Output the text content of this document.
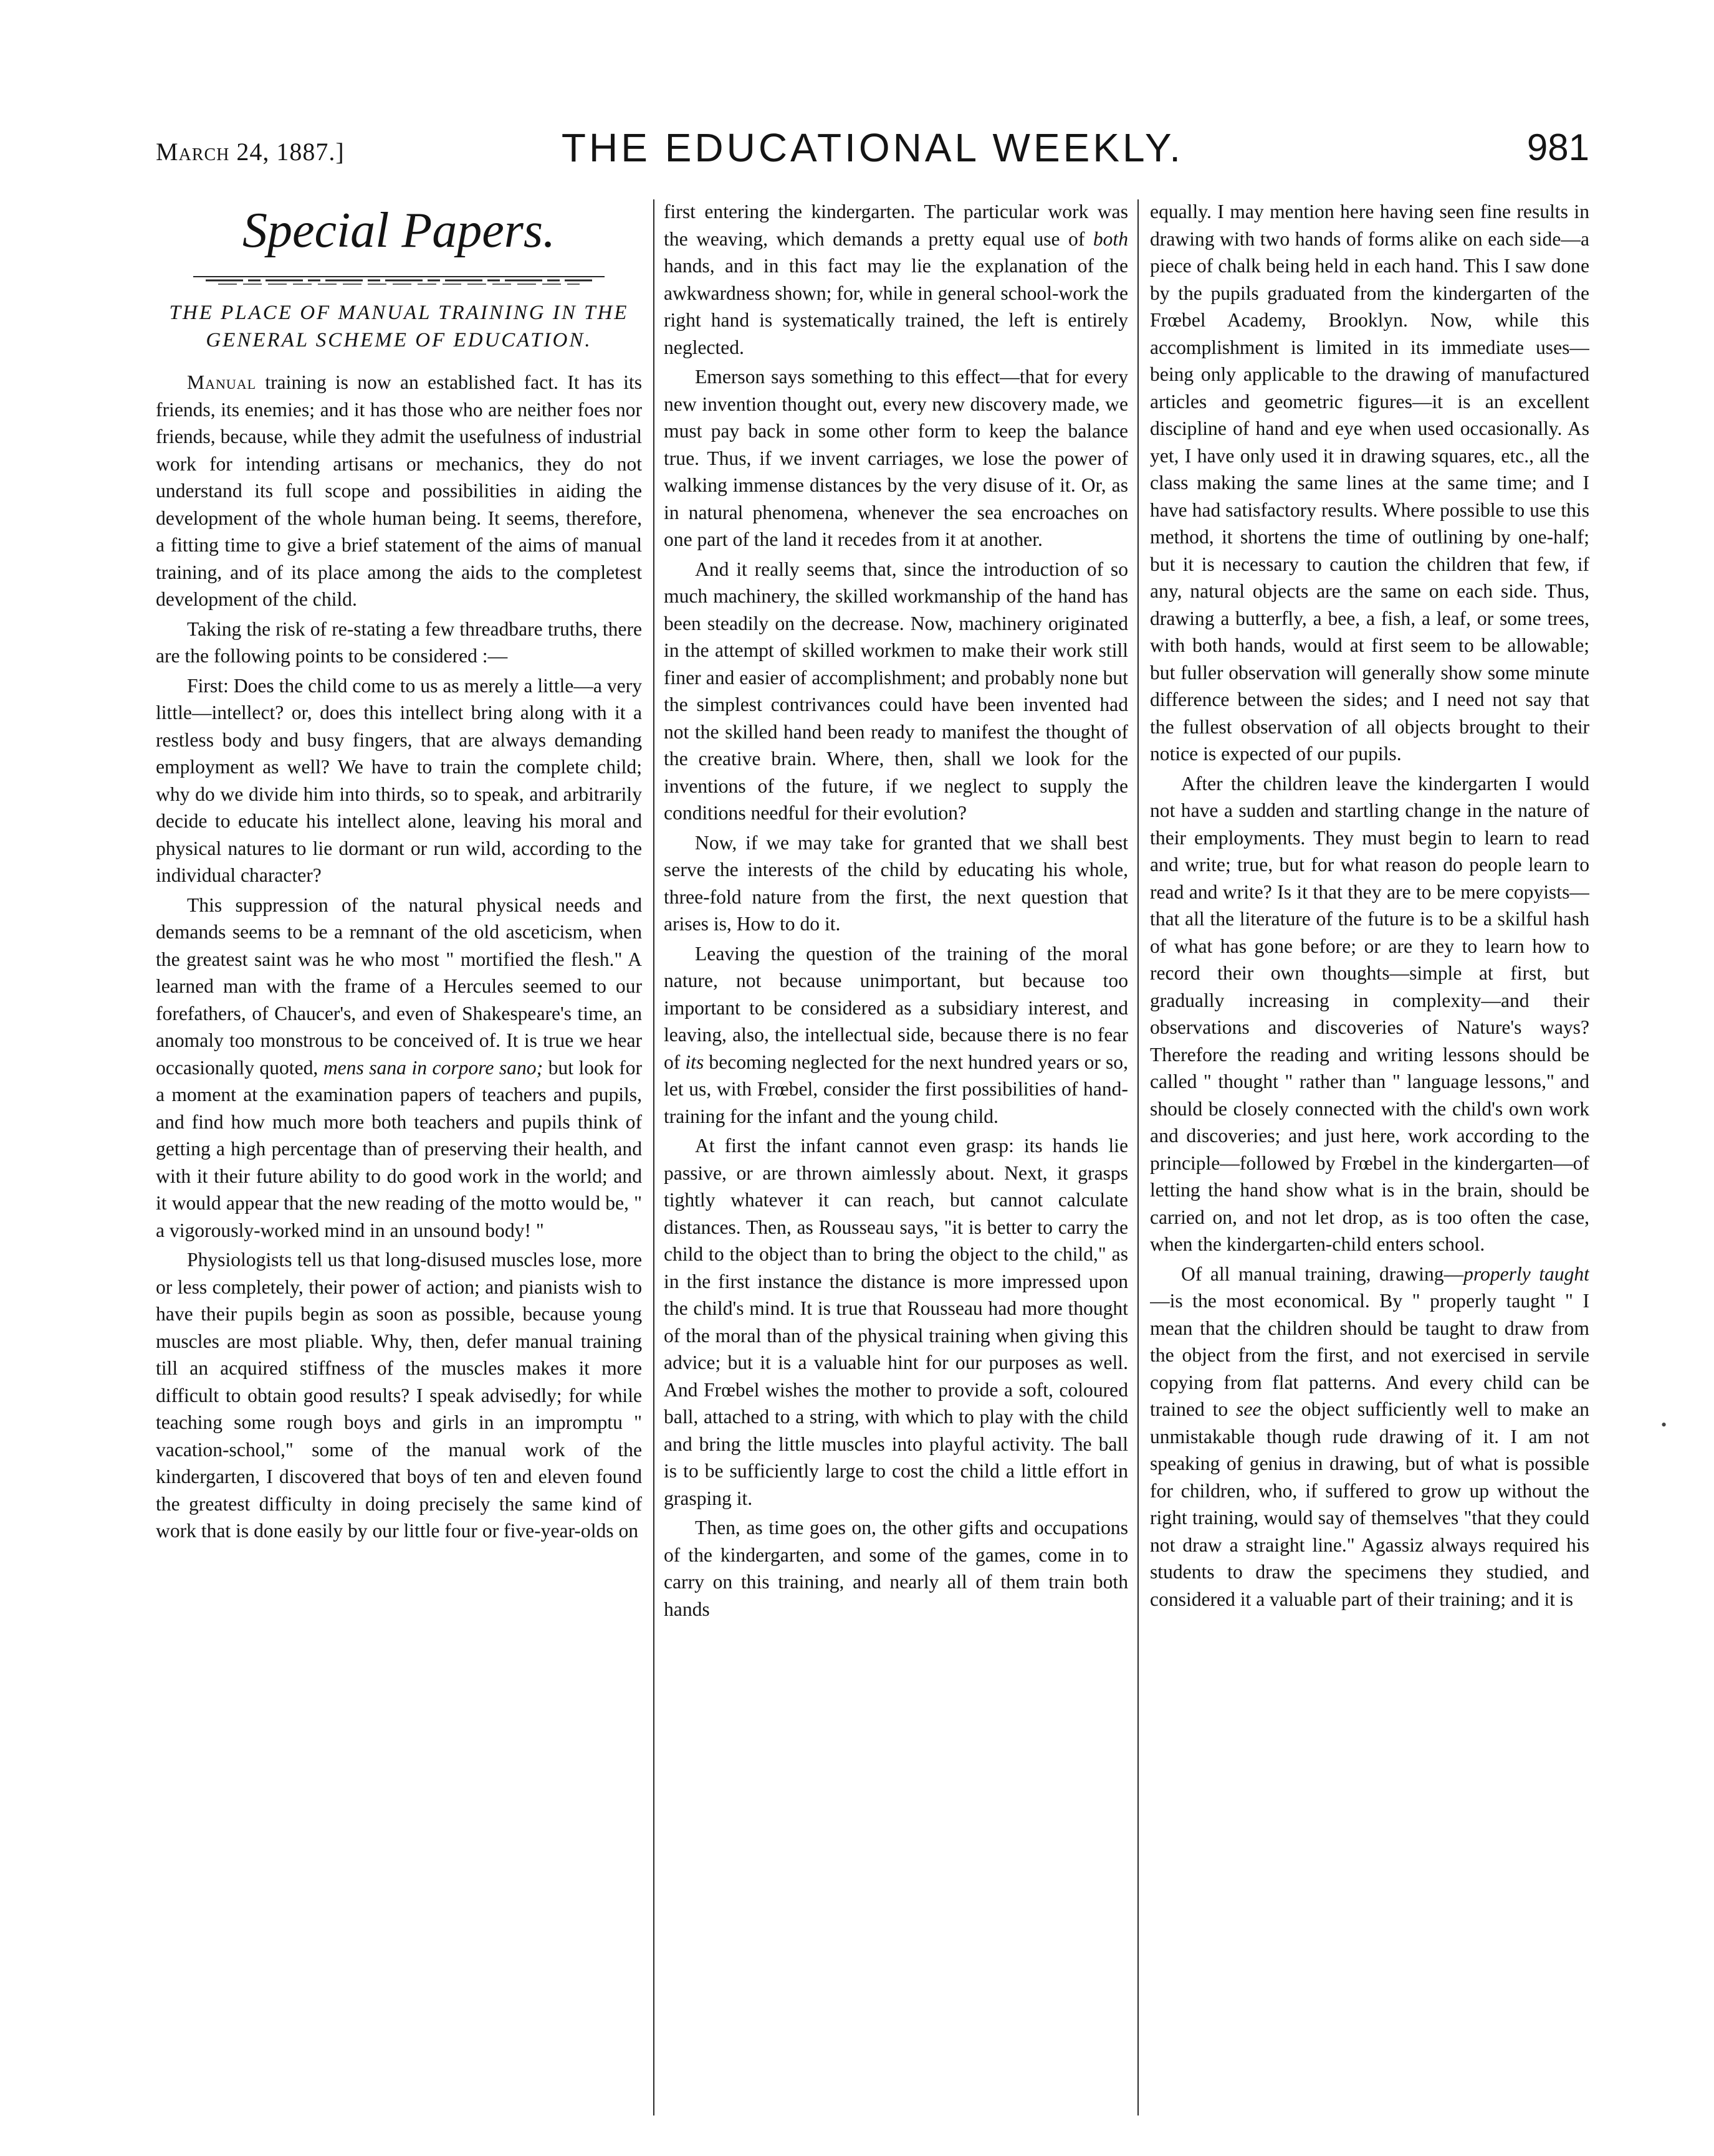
March 24, 1887.]	THE EDUCATIONAL WEEKLY.	981
Special Papers.
THE PLACE OF MANUAL TRAINING IN THE GENERAL SCHEME OF EDUCATION.

Manual training is now an established fact. It has its friends, its enemies; and it has those who are neither foes nor friends, because, while they admit the usefulness of industrial work for intending artisans or mechanics, they do not understand its full scope and possibilities in aiding the development of the whole human being. It seems, therefore, a fitting time to give a brief statement of the aims of manual training, and of its place among the aids to the completest development of the child.

Taking the risk of re-stating a few threadbare truths, there are the following points to be considered :—

First: Does the child come to us as merely a little—a very little—intellect? or, does this intellect bring along with it a restless body and busy fingers, that are always demanding employment as well? We have to train the complete child; why do we divide him into thirds, so to speak, and arbitrarily decide to educate his intellect alone, leaving his moral and physical natures to lie dormant or run wild, according to the individual character?

This suppression of the natural physical needs and demands seems to be a remnant of the old asceticism, when the greatest saint was he who most " mortified the flesh." A learned man with the frame of a Hercules seemed to our forefathers, of Chaucer's, and even of Shakespeare's time, an anomaly too monstrous to be conceived of. It is true we hear occasionally quoted, mens sana in corpore sano; but look for a moment at the examination papers of teachers and pupils, and find how much more both teachers and pupils think of getting a high percentage than of preserving their health, and with it their future ability to do good work in the world; and it would appear that the new reading of the motto would be, " a vigorously-worked mind in an unsound body! "

Physiologists tell us that long-disused muscles lose, more or less completely, their power of action; and pianists wish to have their pupils begin as soon as possible, because young muscles are most pliable. Why, then, defer manual training till an acquired stiffness of the muscles makes it more difficult to obtain good results? I speak advisedly; for while teaching some rough boys and girls in an impromptu " vacation-school," some of the manual work of the kindergarten, I discovered that boys of ten and eleven found the greatest difficulty in doing precisely the same kind of work that is done easily by our little four or five-year-olds on

first entering the kindergarten. The particular work was the weaving, which demands a pretty equal use of both hands, and in this fact may lie the explanation of the awkwardness shown; for, while in general school-work the right hand is systematically trained, the left is entirely neglected.

Emerson says something to this effect—that for every new invention thought out, every new discovery made, we must pay back in some other form to keep the balance true. Thus, if we invent carriages, we lose the power of walking immense distances by the very disuse of it. Or, as in natural phenomena, whenever the sea encroaches on one part of the land it recedes from it at another.

And it really seems that, since the introduction of so much machinery, the skilled workmanship of the hand has been steadily on the decrease. Now, machinery originated in the attempt of skilled workmen to make their work still finer and easier of accomplishment; and probably none but the simplest contrivances could have been invented had not the skilled hand been ready to manifest the thought of the creative brain. Where, then, shall we look for the inventions of the future, if we neglect to supply the conditions needful for their evolution?

Now, if we may take for granted that we shall best serve the interests of the child by educating his whole, three-fold nature from the first, the next question that arises is, How to do it.

Leaving the question of the training of the moral nature, not because unimportant, but because too important to be considered as a subsidiary interest, and leaving, also, the intellectual side, because there is no fear of its becoming neglected for the next hundred years or so, let us, with Frœbel, consider the first possibilities of hand-training for the infant and the young child.

At first the infant cannot even grasp: its hands lie passive, or are thrown aimlessly about. Next, it grasps tightly whatever it can reach, but cannot calculate distances. Then, as Rousseau says, "it is better to carry the child to the object than to bring the object to the child," as in the first instance the distance is more impressed upon the child's mind. It is true that Rousseau had more thought of the moral than of the physical training when giving this advice; but it is a valuable hint for our purposes as well. And Frœbel wishes the mother to provide a soft, coloured ball, attached to a string, with which to play with the child and bring the little muscles into playful activity. The ball is to be sufficiently large to cost the child a little effort in grasping it.

Then, as time goes on, the other gifts and occupations of the kindergarten, and some of the games, come in to carry on this training, and nearly all of them train both hands

equally. I may mention here having seen fine results in drawing with two hands of forms alike on each side—a piece of chalk being held in each hand. This I saw done by the pupils graduated from the kindergarten of the Frœbel Academy, Brooklyn. Now, while this accomplishment is limited in its immediate uses—being only applicable to the drawing of manufactured articles and geometric figures—it is an excellent discipline of hand and eye when used occasionally. As yet, I have only used it in drawing squares, etc., all the class making the same lines at the same time; and I have had satisfactory results. Where possible to use this method, it shortens the time of outlining by one-half; but it is necessary to caution the children that few, if any, natural objects are the same on each side. Thus, drawing a butterfly, a bee, a fish, a leaf, or some trees, with both hands, would at first seem to be allowable; but fuller observation will generally show some minute difference between the sides; and I need not say that the fullest observation of all objects brought to their notice is expected of our pupils.

After the children leave the kindergarten I would not have a sudden and startling change in the nature of their employments. They must begin to learn to read and write; true, but for what reason do people learn to read and write? Is it that they are to be mere copyists—that all the literature of the future is to be a skilful hash of what has gone before; or are they to learn how to record their own thoughts—simple at first, but gradually increasing in complexity—and their observations and discoveries of Nature's ways? Therefore the reading and writing lessons should be called " thought " rather than " language lessons," and should be closely connected with the child's own work and discoveries; and just here, work according to the principle—followed by Frœbel in the kindergarten—of letting the hand show what is in the brain, should be carried on, and not let drop, as is too often the case, when the kindergarten-child enters school.

Of all manual training, drawing—properly taught—is the most economical. By " properly taught " I mean that the children should be taught to draw from the object from the first, and not exercised in servile copying from flat patterns. And every child can be trained to see the object sufficiently well to make an unmistakable though rude drawing of it. I am not speaking of genius in drawing, but of what is possible for children, who, if suffered to grow up without the right training, would say of themselves "that they could not draw a straight line." Agassiz always required his students to draw the specimens they studied, and considered it a valuable part of their training; and it is

•
